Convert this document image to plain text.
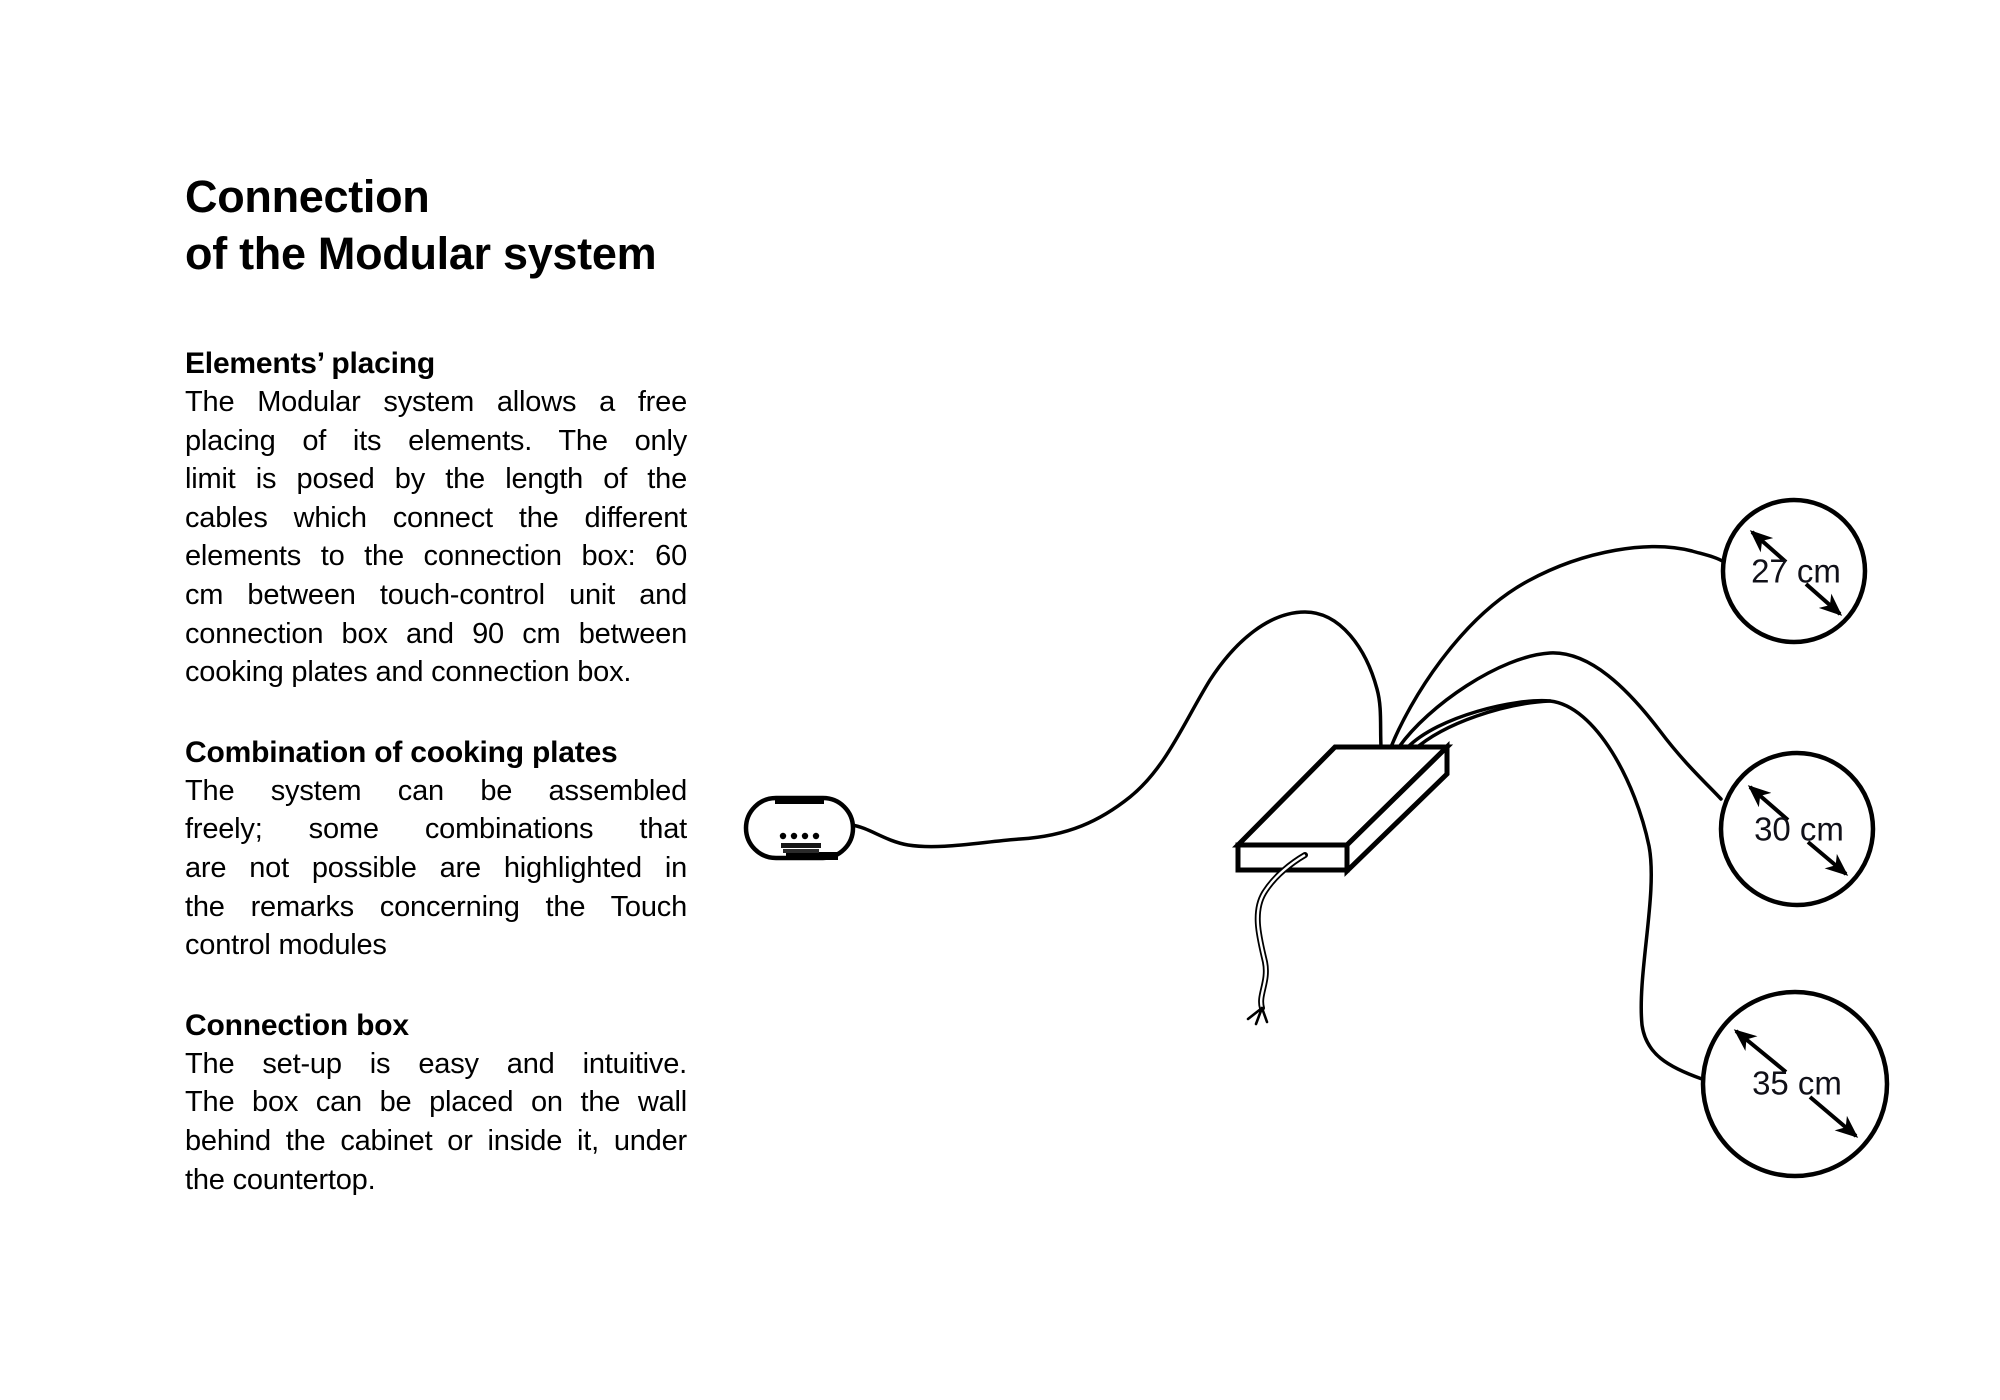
Connection
of the Modular system
Elements’ placing
The Modular system allows a free
placing of its elements. The only
limit is posed by the length of the
cables which connect the different
elements to the connection box: 60
cm between touch-control unit and
connection box and 90 cm between
cooking plates and connection box.
Combination of cooking plates
The system can be assembled
freely; some combinations that
are not possible are highlighted in
the remarks concerning the Touch
control modules
Connection box
The set-up is easy and intuitive.
The box can be placed on the wall
behind the cabinet or inside it, under
the countertop.
27 cm
30 cm
35 cm
